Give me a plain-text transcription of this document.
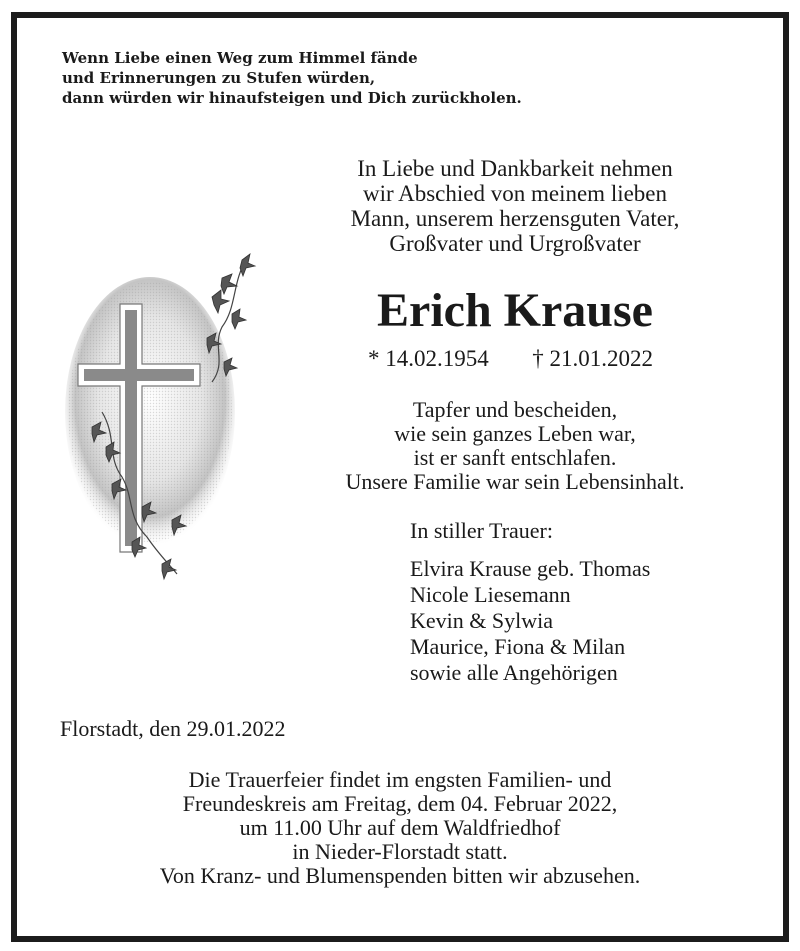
Wenn Liebe einen Weg zum Himmel fände
und Erinnerungen zu Stufen würden,
dann würden wir hinaufsteigen und Dich zurückholen.
In Liebe und Dankbarkeit nehmen
wir Abschied von meinem lieben
Mann, unserem herzensguten Vater,
Großvater und Urgroßvater
Erich Krause
* 14.02.1954 † 21.01.2022
Tapfer und bescheiden,
wie sein ganzes Leben war,
ist er sanft entschlafen.
Unsere Familie war sein Lebensinhalt.
In stiller Trauer:
Elvira Krause geb. Thomas
Nicole Liesemann
Kevin & Sylwia
Maurice, Fiona & Milan
sowie alle Angehörigen
Florstadt, den 29.01.2022
Die Trauerfeier findet im engsten Familien- und
Freundeskreis am Freitag, dem 04. Februar 2022,
um 11.00 Uhr auf dem Waldfriedhof
in Nieder-Florstadt statt.
Von Kranz- und Blumenspenden bitten wir abzusehen.
